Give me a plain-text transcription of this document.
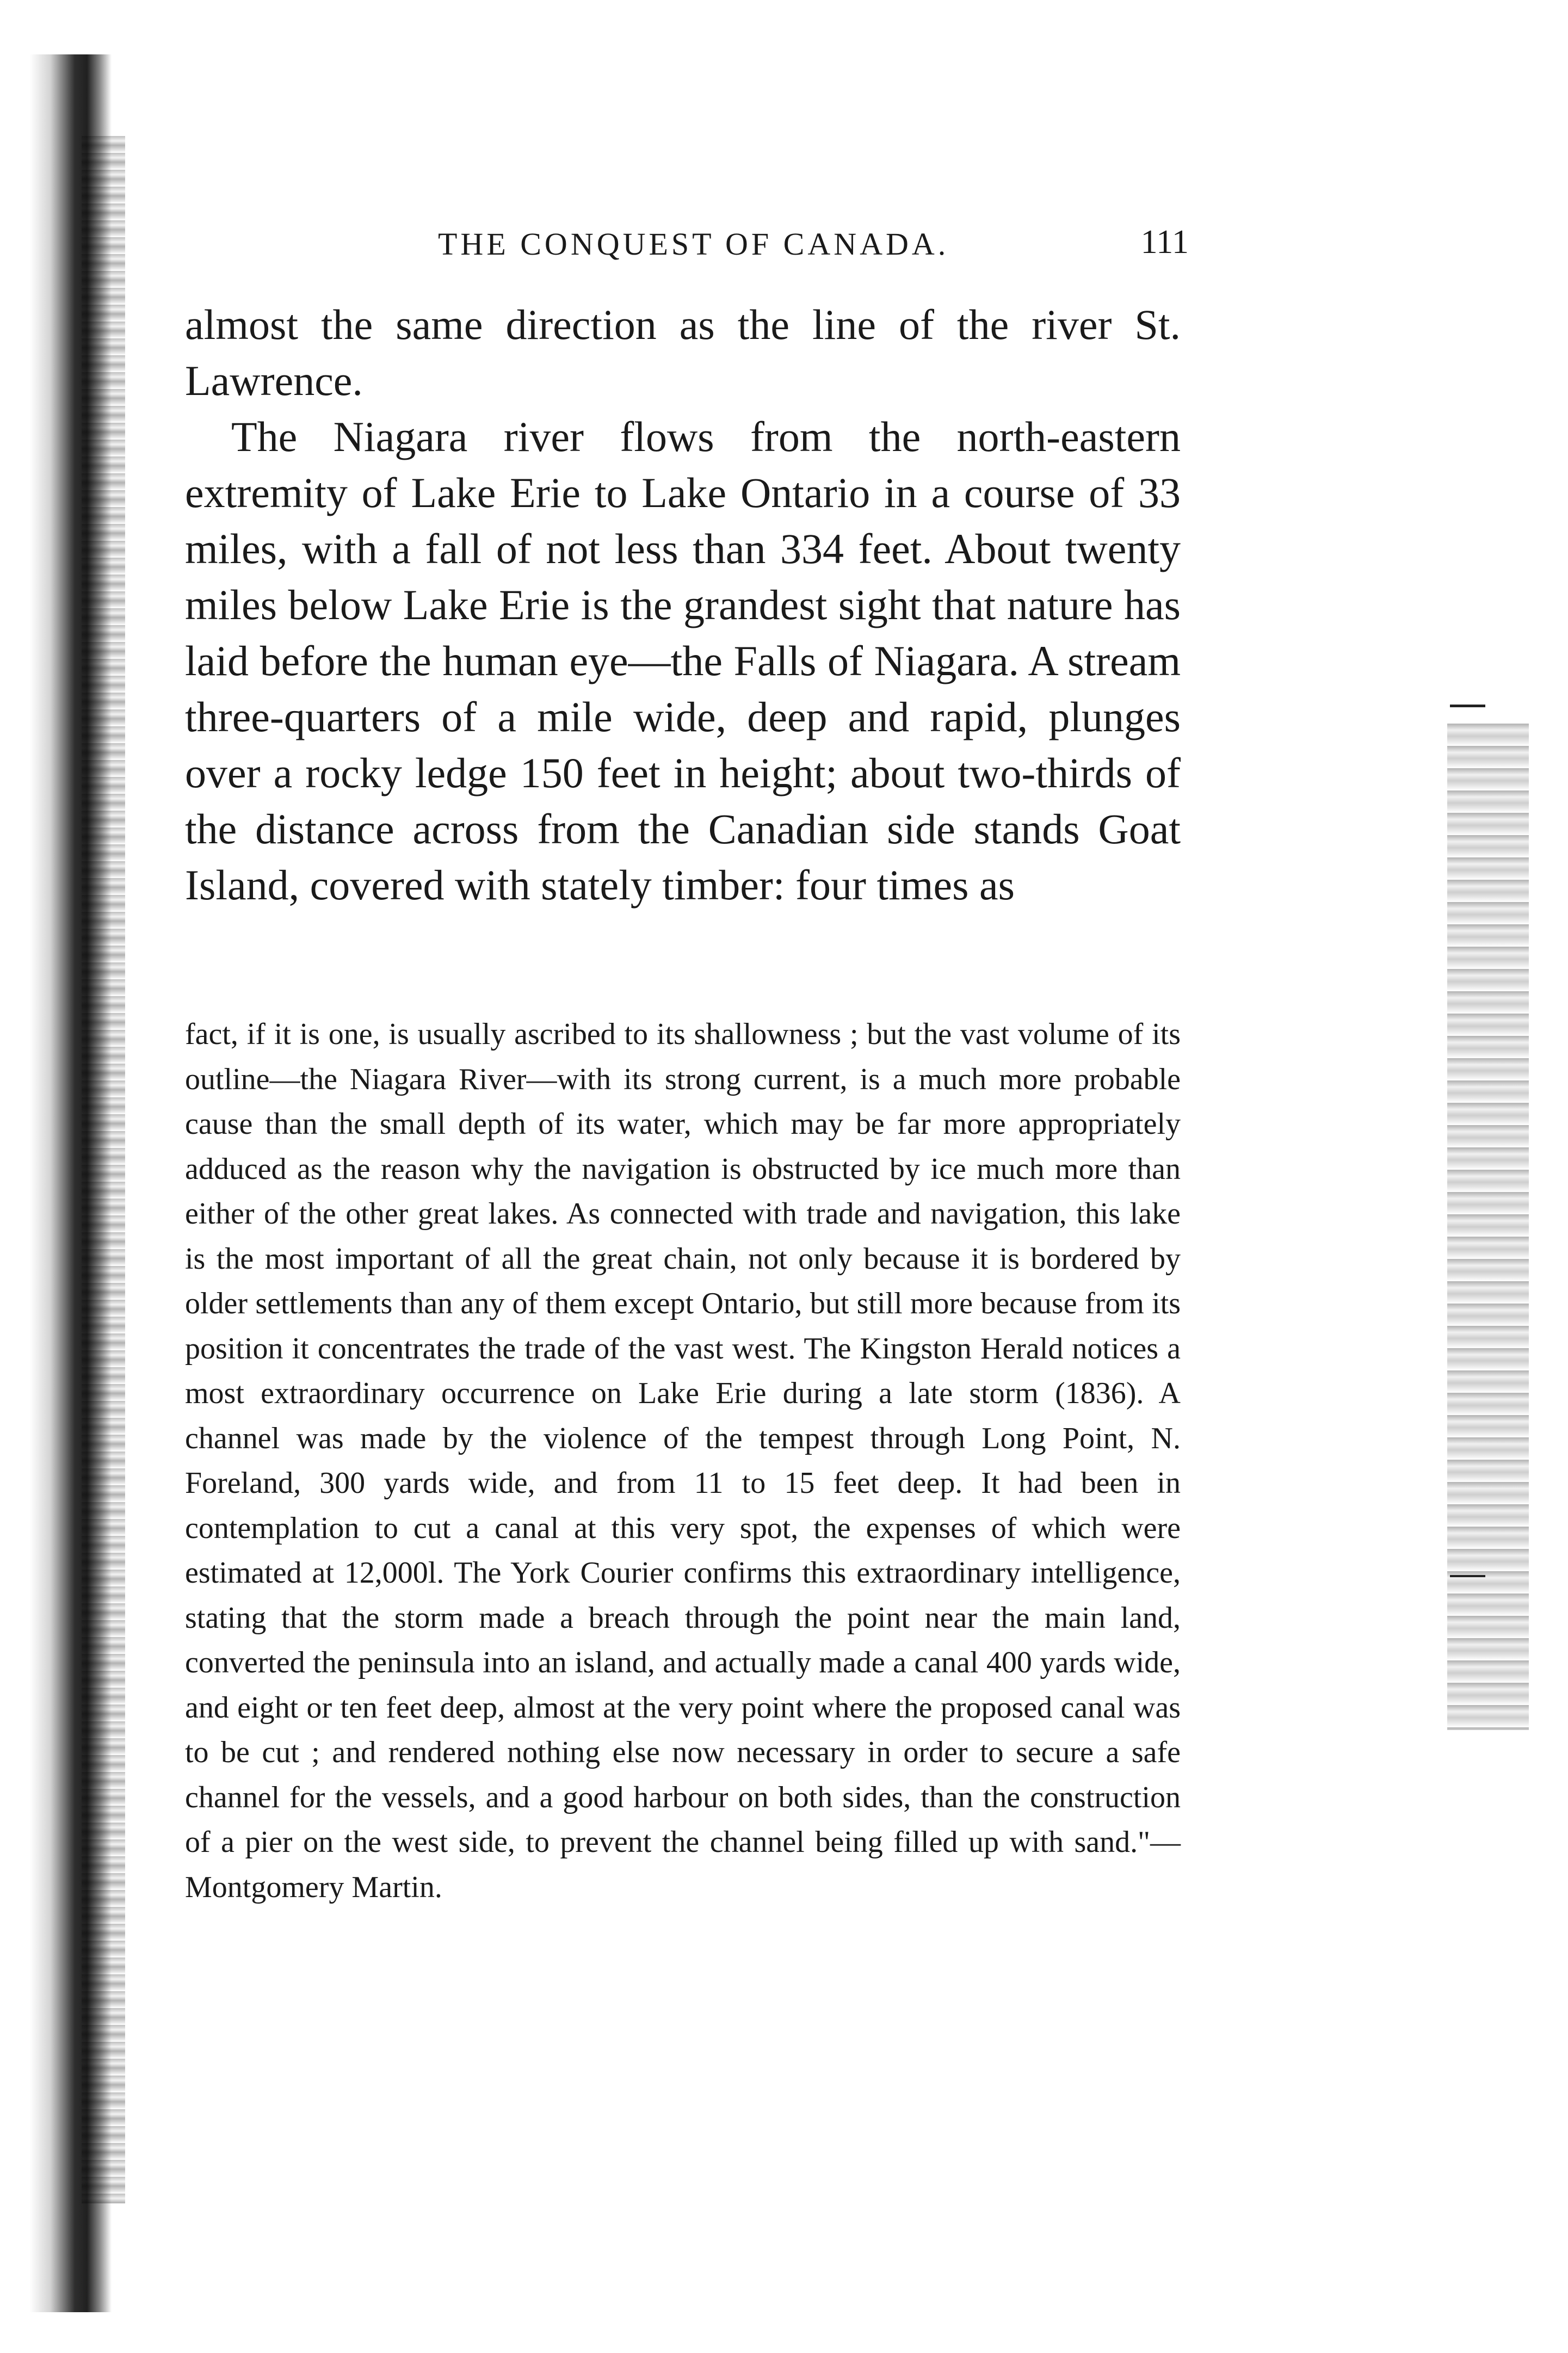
THE CONQUEST OF CANADA.	111

almost the same direction as the line of the river St. Lawrence.

The Niagara river flows from the north-eastern extremity of Lake Erie to Lake Ontario in a course of 33 miles, with a fall of not less than 334 feet. About twenty miles below Lake Erie is the grandest sight that nature has laid before the human eye—the Falls of Niagara. A stream three-quarters of a mile wide, deep and rapid, plunges over a rocky ledge 150 feet in height; about two-thirds of the distance across from the Canadian side stands Goat Island, covered with stately timber: four times as

fact, if it is one, is usually ascribed to its shallowness ; but the vast volume of its outline—the Niagara River—with its strong current, is a much more probable cause than the small depth of its water, which may be far more appropriately adduced as the reason why the navigation is obstructed by ice much more than either of the other great lakes. As connected with trade and navigation, this lake is the most important of all the great chain, not only because it is bordered by older settlements than any of them except Ontario, but still more because from its position it concentrates the trade of the vast west. The Kingston Herald notices a most extraordinary occurrence on Lake Erie during a late storm (1836). A channel was made by the violence of the tempest through Long Point, N. Foreland, 300 yards wide, and from 11 to 15 feet deep. It had been in contemplation to cut a canal at this very spot, the expenses of which were estimated at 12,000l. The York Courier confirms this extraordinary intelligence, stating that the storm made a breach through the point near the main land, converted the peninsula into an island, and actually made a canal 400 yards wide, and eight or ten feet deep, almost at the very point where the proposed canal was to be cut ; and rendered nothing else now necessary in order to secure a safe channel for the vessels, and a good harbour on both sides, than the construction of a pier on the west side, to prevent the channel being filled up with sand."—Montgomery Martin.
